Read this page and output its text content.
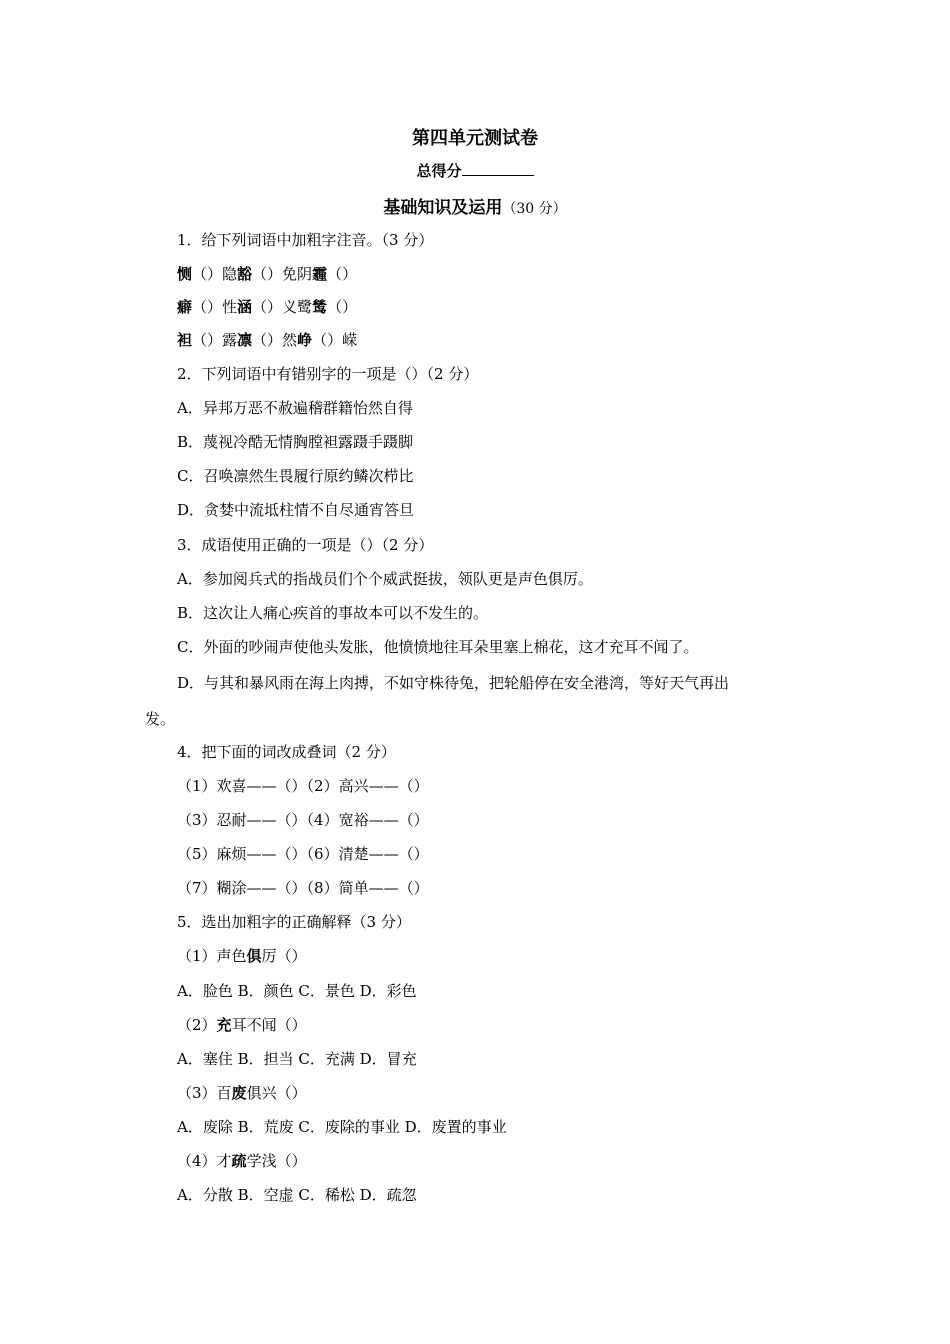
第四单元测试卷
总得分
基础知识及运用（30 分）
1．给下列词语中加粗字注音。（3 分）
恻（）隐豁（）免阴霾（）
癖（）性涵（）义鹭鸶（）
袒（）露凛（）然峥（）嵘
2．下列词语中有错别字的一项是（）（2 分）
A．异邦万恶不赦遍稽群籍怡然自得
B．蔑视冷酷无情胸膛袒露蹑手蹑脚
C．召唤凛然生畏履行原约鳞次栉比
D．贪婪中流坻柱情不自尽通宵答旦
3．成语使用正确的一项是（）（2 分）
A．参加阅兵式的指战员们个个威武挺拔，领队更是声色俱厉。
B．这次让人痛心疾首的事故本可以不发生的。
C．外面的吵闹声使他头发胀，他愤愤地往耳朵里塞上棉花，这才充耳不闻了。
D．与其和暴风雨在海上肉搏，不如守株待兔，把轮船停在安全港湾，等好天气再出
发。
4．把下面的词改成叠词（2 分）
（1）欢喜——（）（2）高兴——（）
（3）忍耐——（）（4）宽裕——（）
（5）麻烦——（）（6）清楚——（）
（7）糊涂——（）（8）简单——（）
5．选出加粗字的正确解释（3 分）
（1）声色俱厉（）
A．脸色 B．颜色 C．景色 D．彩色
（2）充耳不闻（）
A．塞住 B．担当 C．充满 D．冒充
（3）百废俱兴（）
A．废除 B．荒废 C．废除的事业 D．废置的事业
（4）才疏学浅（）
A．分散 B．空虚 C．稀松 D．疏忽
